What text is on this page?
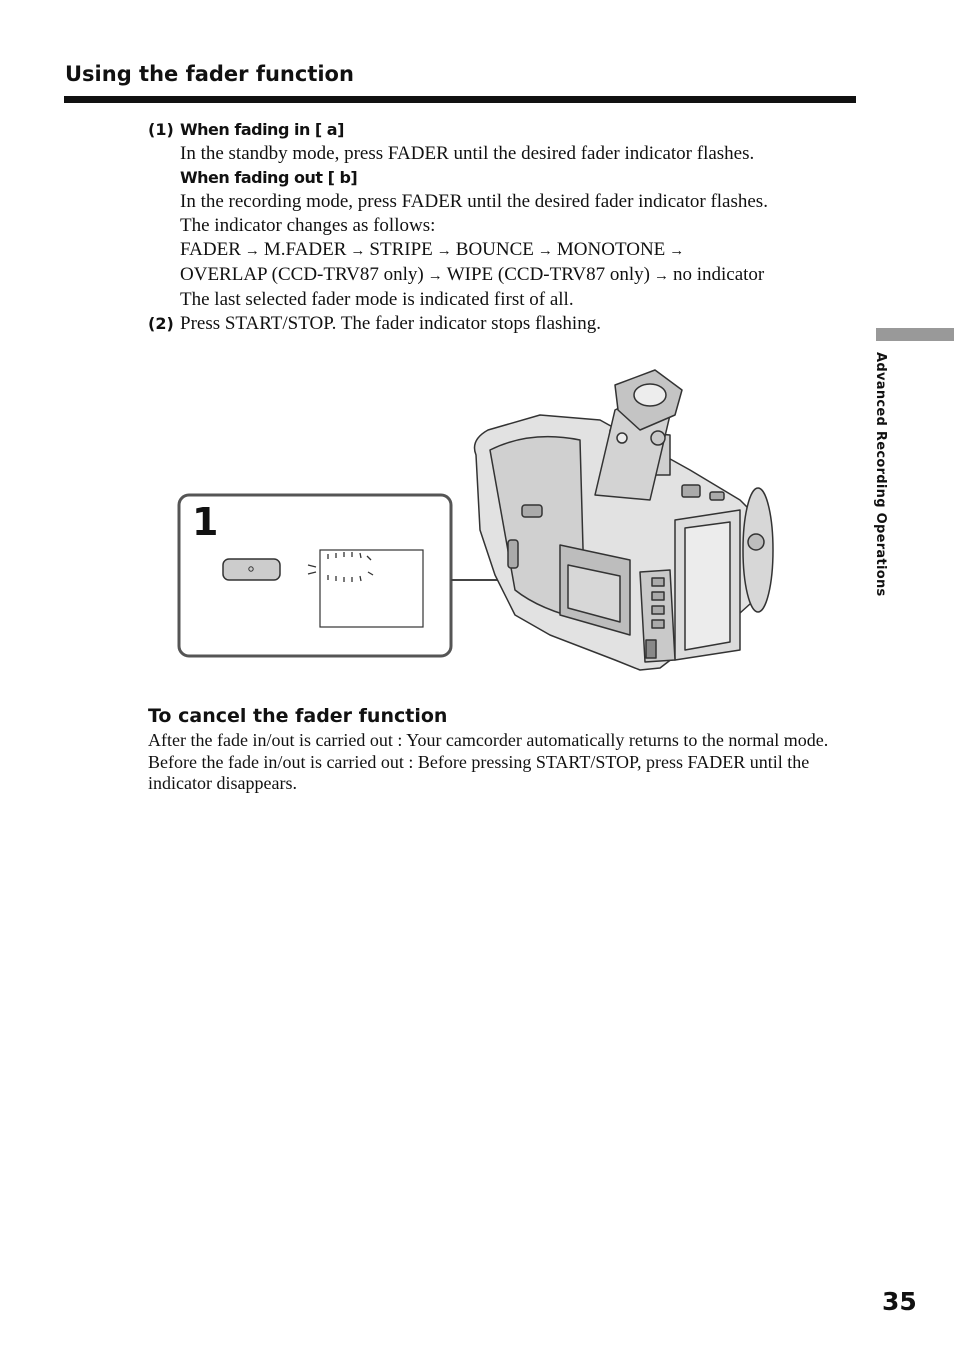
Using the fader function
(1) When fading in [ a]
In the standby mode, press FADER until the desired fader indicator flashes.
When fading out [ b]
In the recording mode, press FADER until the desired fader indicator flashes.
The indicator changes as follows:
FADER → M.FADER → STRIPE → BOUNCE → MONOTONE →
OVERLAP (CCD-TRV87 only) → WIPE (CCD-TRV87 only) → no indicator
The last selected fader mode is indicated first of all.
(2) Press START/STOP. The fader indicator stops flashing.
Advanced Recording Operations
1
To cancel the fader function

After the fade in/out is carried out : Your camcorder automatically returns to the normal mode.

Before the fade in/out is carried out : Before pressing START/STOP, press FADER until the indicator disappears.

35
